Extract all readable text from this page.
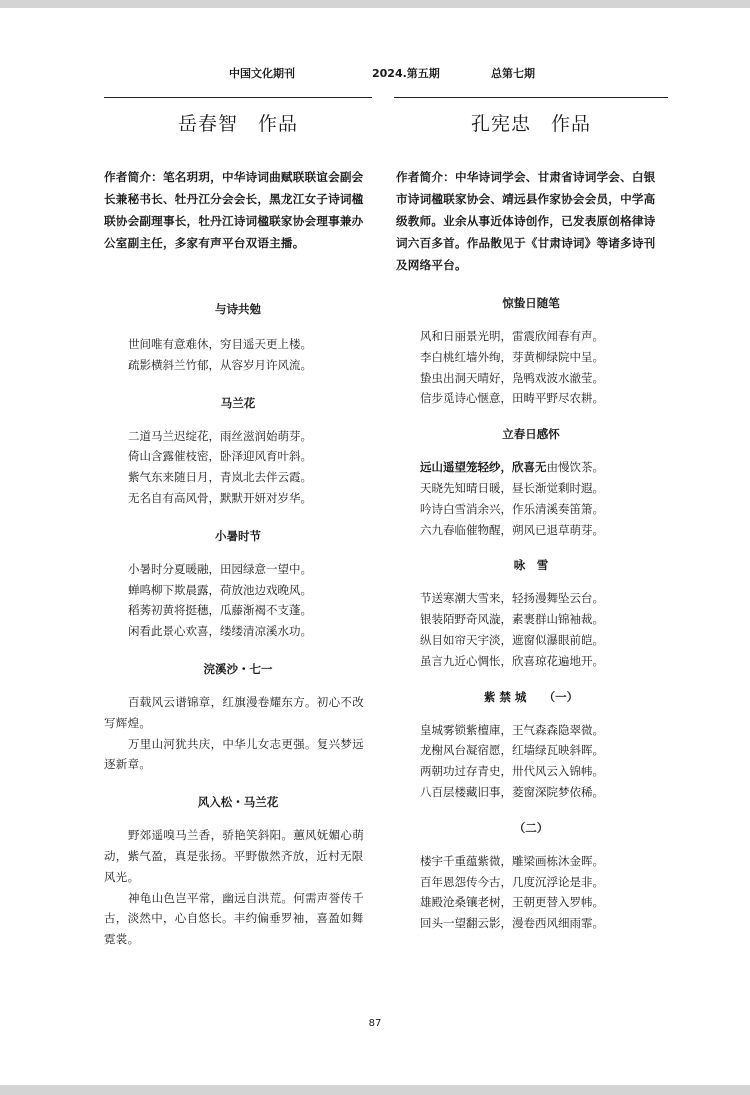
中国文化期刊	2024.第五期	总第七期
岳春智　作品
作者简介：笔名玥玥，中华诗词曲赋联联谊会副会长兼秘书长、牡丹江分会会长，黑龙江女子诗词楹联协会副理事长，牡丹江诗词楹联家协会理事兼办公室副主任，多家有声平台双语主播。
与诗共勉
世间唯有意难休，穷目遥天更上楼。
疏影横斜兰竹郁，从容岁月许风流。
马兰花
二道马兰迟绽花，雨丝滋润始萌芽。
倚山含露催枝密，卧泽迎风育叶斜。
紫气东来随日月，青岚北去伴云霞。
无名自有高风骨，默默开妍对岁华。
小暑时节
小暑时分夏暖融，田园绿意一望中。
蝉鸣柳下欺晨露，荷放池边戏晚风。
稻莠初黄将挺穗，瓜藤渐褐不支蓬。
闲看此景心欢喜，缕缕清凉溪水功。
浣溪沙・七一

百载风云谱锦章，红旗漫卷耀东方。初心不改写辉煌。

万里山河犹共庆，中华儿女志更强。复兴梦远逐新章。

风入松・马兰花

野郊遥嗅马兰香，骄艳笑斜阳。蕙风妩媚心萌动，紫气盈，真是张扬。平野傲然齐放，近村无限风光。

神龟山色岂平常，幽远自洪荒。何需声誉传千古，淡然中，心自悠长。丰约偏垂罗袖，喜盈如舞霓裳。

孔宪忠　作品
作者简介：中华诗词学会、甘肃省诗词学会、白银市诗词楹联家协会、靖远县作家协会会员，中学高级教师。业余从事近体诗创作，已发表原创格律诗词六百多首。作品散见于《甘肃诗词》等诸多诗刊及网络平台。
惊蛰日随笔
风和日丽景光明，雷震欣闻春有声。
李白桃红墙外绚，芽黄柳绿院中呈。
蛰虫出洞天晴好，凫鸭戏波水澈莹。
信步觅诗心惬意，田畴平野尽农耕。
立春日感怀
远山遥望笼轻纱，欣喜无由慢饮茶。
天晓先知晴日暖，昼长渐觉剩时遐。
吟诗白雪消余兴，作乐清溪奏笛箫。
六九春临催物醒，朔风已退草萌芽。
咏　雪
节送寒潮大雪来，轻扬漫舞坠云台。
银装陌野奇风漩，素裹群山锦袖裁。
纵目如帘天宇淡，遮窗似瀑眼前皑。
虽言九近心惆怅，欣喜琼花遍地开。
紫 禁 城　　（一）
皇城雾锁紫檀庫，王气森森隐翠微。
龙榭风台凝宿愿，红墙绿瓦映斜晖。
两朝功过存青史，卅代风云入锦帏。
八百层楼藏旧事，菱窗深院梦依稀。
（二）
楼宇千重蕴紫微，雕梁画栋沐金晖。
百年恩怨传今古，几度沉浮论是非。
雄殿沧桑镶老树，王朝更替入罗帏。
回头一望翻云影，漫卷西风细雨霏。
87
